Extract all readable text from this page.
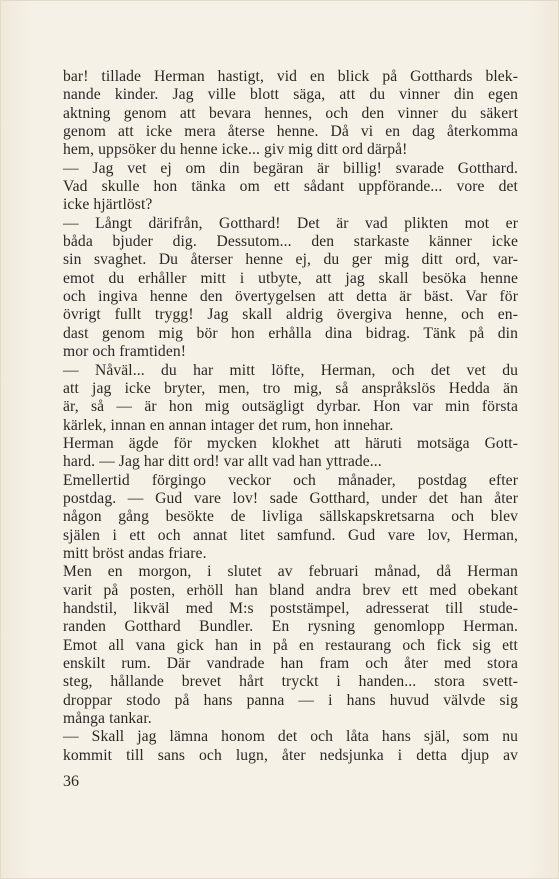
bar! tillade Herman hastigt, vid en blick på Gotthards blek-
nande kinder. Jag ville blott säga, att du vinner din egen
aktning genom att bevara hennes, och den vinner du säkert
genom att icke mera återse henne. Då vi en dag återkomma
hem, uppsöker du henne icke... giv mig ditt ord därpå!
— Jag vet ej om din begäran är billig! svarade Gotthard.
Vad skulle hon tänka om ett sådant uppförande... vore det
icke hjärtlöst?
— Långt därifrån, Gotthard! Det är vad plikten mot er
båda bjuder dig. Dessutom... den starkaste känner icke
sin svaghet. Du återser henne ej, du ger mig ditt ord, var-
emot du erhåller mitt i utbyte, att jag skall besöka henne
och ingiva henne den övertygelsen att detta är bäst. Var för
övrigt fullt trygg! Jag skall aldrig övergiva henne, och en-
dast genom mig bör hon erhålla dina bidrag. Tänk på din
mor och framtiden!
— Nåväl... du har mitt löfte, Herman, och det vet du
att jag icke bryter, men, tro mig, så anspråkslös Hedda än
är, så — är hon mig outsägligt dyrbar. Hon var min första
kärlek, innan en annan intager det rum, hon innehar.
Herman ägde för mycken klokhet att häruti motsäga Gott-
hard. — Jag har ditt ord! var allt vad han yttrade...
Emellertid förgingo veckor och månader, postdag efter
postdag. — Gud vare lov! sade Gotthard, under det han åter
någon gång besökte de livliga sällskapskretsarna och blev
själen i ett och annat litet samfund. Gud vare lov, Herman,
mitt bröst andas friare.
Men en morgon, i slutet av februari månad, då Herman
varit på posten, erhöll han bland andra brev ett med obekant
handstil, likväl med M:s poststämpel, adresserat till stude-
randen Gotthard Bundler. En rysning genomlopp Herman.
Emot all vana gick han in på en restaurang och fick sig ett
enskilt rum. Där vandrade han fram och åter med stora
steg, hållande brevet hårt tryckt i handen... stora svett-
droppar stodo på hans panna — i hans huvud välvde sig
många tankar.
— Skall jag lämna honom det och låta hans själ, som nu
kommit till sans och lugn, åter nedsjunka i detta djup av
36
